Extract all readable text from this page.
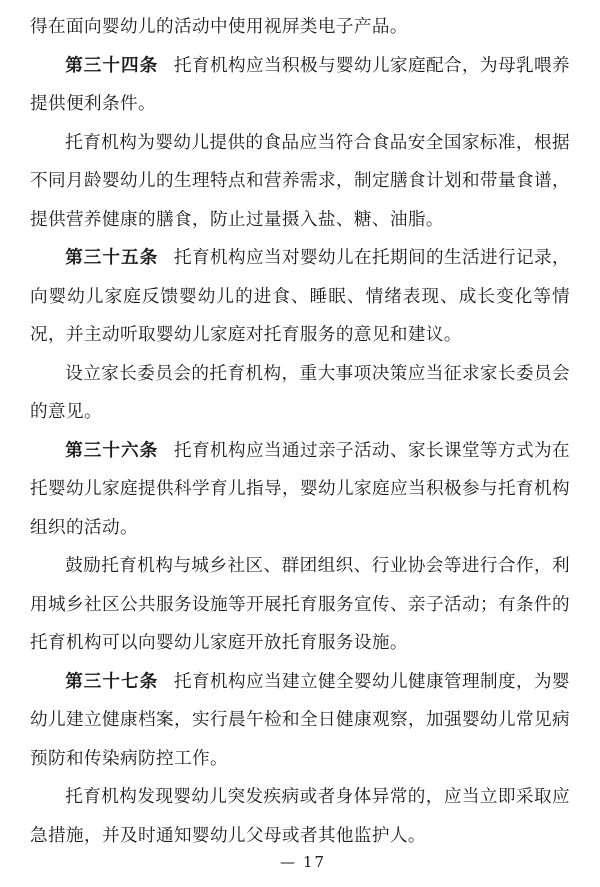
得在面向婴幼儿的活动中使用视屏类电子产品。

第三十四条 托育机构应当积极与婴幼儿家庭配合，为母乳喂养提供便利条件。

托育机构为婴幼儿提供的食品应当符合食品安全国家标准，根据不同月龄婴幼儿的生理特点和营养需求，制定膳食计划和带量食谱，提供营养健康的膳食，防止过量摄入盐、糖、油脂。

第三十五条 托育机构应当对婴幼儿在托期间的生活进行记录，向婴幼儿家庭反馈婴幼儿的进食、睡眠、情绪表现、成长变化等情况，并主动听取婴幼儿家庭对托育服务的意见和建议。

设立家长委员会的托育机构，重大事项决策应当征求家长委员会的意见。

第三十六条 托育机构应当通过亲子活动、家长课堂等方式为在托婴幼儿家庭提供科学育儿指导，婴幼儿家庭应当积极参与托育机构组织的活动。

鼓励托育机构与城乡社区、群团组织、行业协会等进行合作，利用城乡社区公共服务设施等开展托育服务宣传、亲子活动；有条件的托育机构可以向婴幼儿家庭开放托育服务设施。

第三十七条 托育机构应当建立健全婴幼儿健康管理制度，为婴幼儿建立健康档案，实行晨午检和全日健康观察，加强婴幼儿常见病预防和传染病防控工作。

托育机构发现婴幼儿突发疾病或者身体异常的，应当立即采取应急措施，并及时通知婴幼儿父母或者其他监护人。

— 17
